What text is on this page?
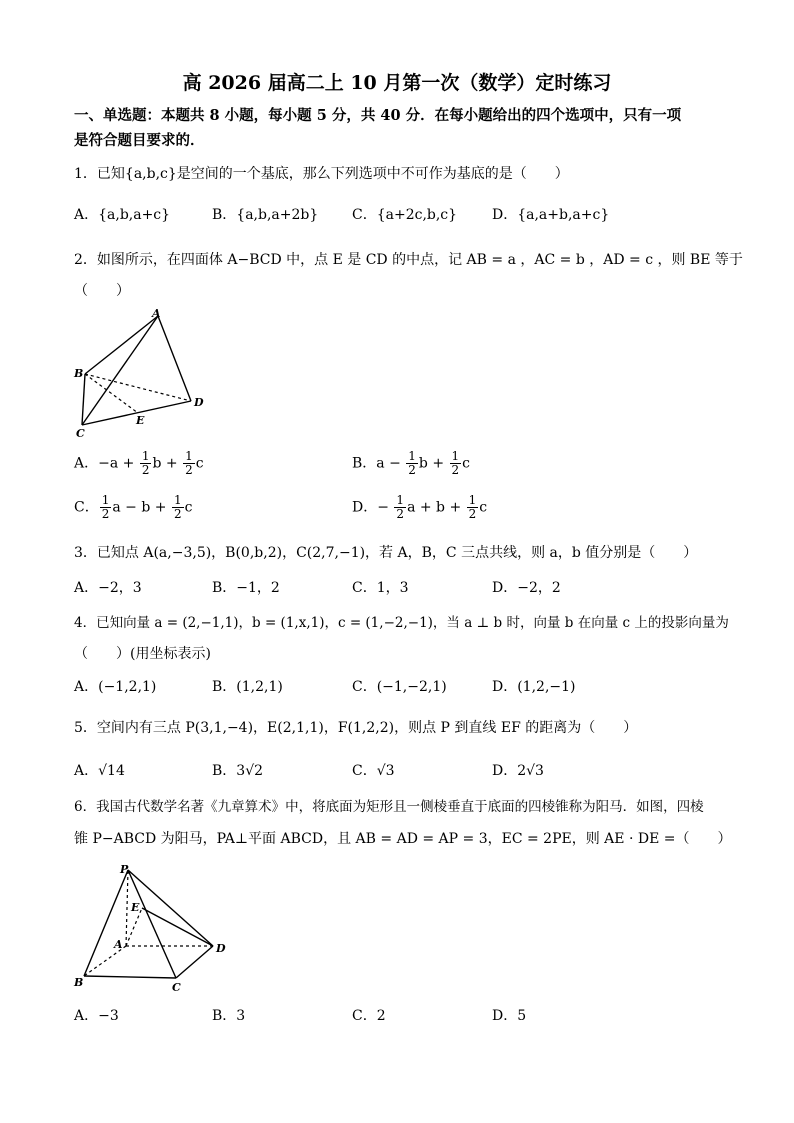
高 2026 届高二上 10 月第一次（数学）定时练习
一、单选题：本题共 8 小题，每小题 5 分，共 40 分．在每小题给出的四个选项中，只有一项
是符合题目要求的．
1．已知{a,b,c}是空间的一个基底，那么下列选项中不可作为基底的是（　　）
A．{a,b,a+c}	B．{a,b,a+2b} C．{a+2c,b,c} D．{a,a+b,a+c}
2．如图所示，在四面体 A−BCD 中，点 E 是 CD 的中点，记 AB = a ，AC = b ，AD = c ，则 BE 等于
（　　）
A
B
C
D
E
A．$-a + \frac{1}{2}$ $b + \frac{1}{2}$ c	B．$a - \frac{1}{2}$ $b + \frac{1}{2}$ c
C． $\frac{1}{2}$ $a - b + \frac{1}{2}$ c	D．− $\frac{1}{2}$ $a + b + \frac{1}{2}$ c
3．已知点 A(a,−3,5)，B(0,b,2)，C(2,7,−1)，若 A，B，C 三点共线，则 a，b 值分别是（　　）
A．−2，3	B．−1，2	C．1，3	D．−2，2
4．已知向量 a = (2,−1,1)，b = (1,x,1)，c = (1,−2,−1)，当 a ⊥ b 时，向量 b 在向量 c 上的投影向量为
（　　）(用坐标表示)
A．(−1,2,1)	B．(1,2,1)	C．(−1,−2,1)	D．(1,2,−1)
5．空间内有三点 P(3,1,−4)，E(2,1,1)，F(1,2,2)，则点 P 到直线 EF 的距离为（　　）
A．√14	B．3√2	C．√3	D．2√3
6．我国古代数学名著《九章算术》中，将底面为矩形且一侧棱垂直于底面的四棱锥称为阳马．如图，四棱
锥 P−ABCD 为阳马，PA⊥平面 ABCD，且 AB = AD = AP = 3，EC = 2PE，则 AE · DE =（　　）
P
E
A	D
B	C
A．−3	B．3	C．2	D．5
